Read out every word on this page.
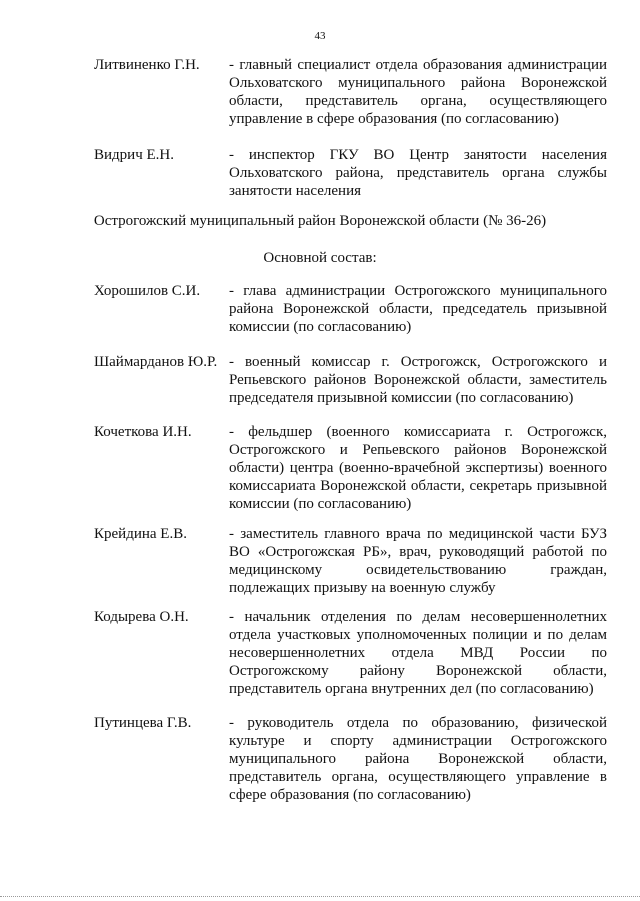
43
Литвиненко Г.Н. - главный специалист отдела образования администрации Ольховатского муниципального района Воронежской области, представитель органа, осуществляющего управление в сфере образования (по согласованию)
Видрич Е.Н.	- инспектор ГКУ ВО Центр занятости населения Ольховатского района, представитель органа службы занятости населения
Острогожский муниципальный район Воронежской области (№ 36-26)
Основной состав:
Хорошилов С.И. - глава администрации Острогожского муниципального района Воронежской области, председатель призывной комиссии (по согласованию)
Шаймарданов Ю.Р. - военный комиссар г. Острогожск, Острогожского и Репьевского районов Воронежской области, заместитель председателя призывной комиссии (по согласованию)
Кочеткова И.Н. - фельдшер (военного комиссариата г. Острогожск, Острогожского и Репьевского районов Воронежской области) центра (военно-врачебной экспертизы) военного комиссариата Воронежской области, секретарь призывной комиссии (по согласованию)
Крейдина Е.В.	- заместитель главного врача по медицинской части БУЗ ВО «Острогожская РБ», врач, руководящий работой по медицинскому освидетельствованию граждан, подлежащих призыву на военную службу
Кодырева О.Н.	- начальник отделения по делам несовершеннолетних отдела участковых уполномоченных полиции и по делам несовершеннолетних отдела МВД России по Острогожскому району Воронежской области, представитель органа внутренних дел (по согласованию)
Путинцева Г.В.	- руководитель отдела по образованию, физической культуре и спорту администрации Острогожского муниципального района Воронежской области, представитель органа, осуществляющего управление в сфере образования (по согласованию)
